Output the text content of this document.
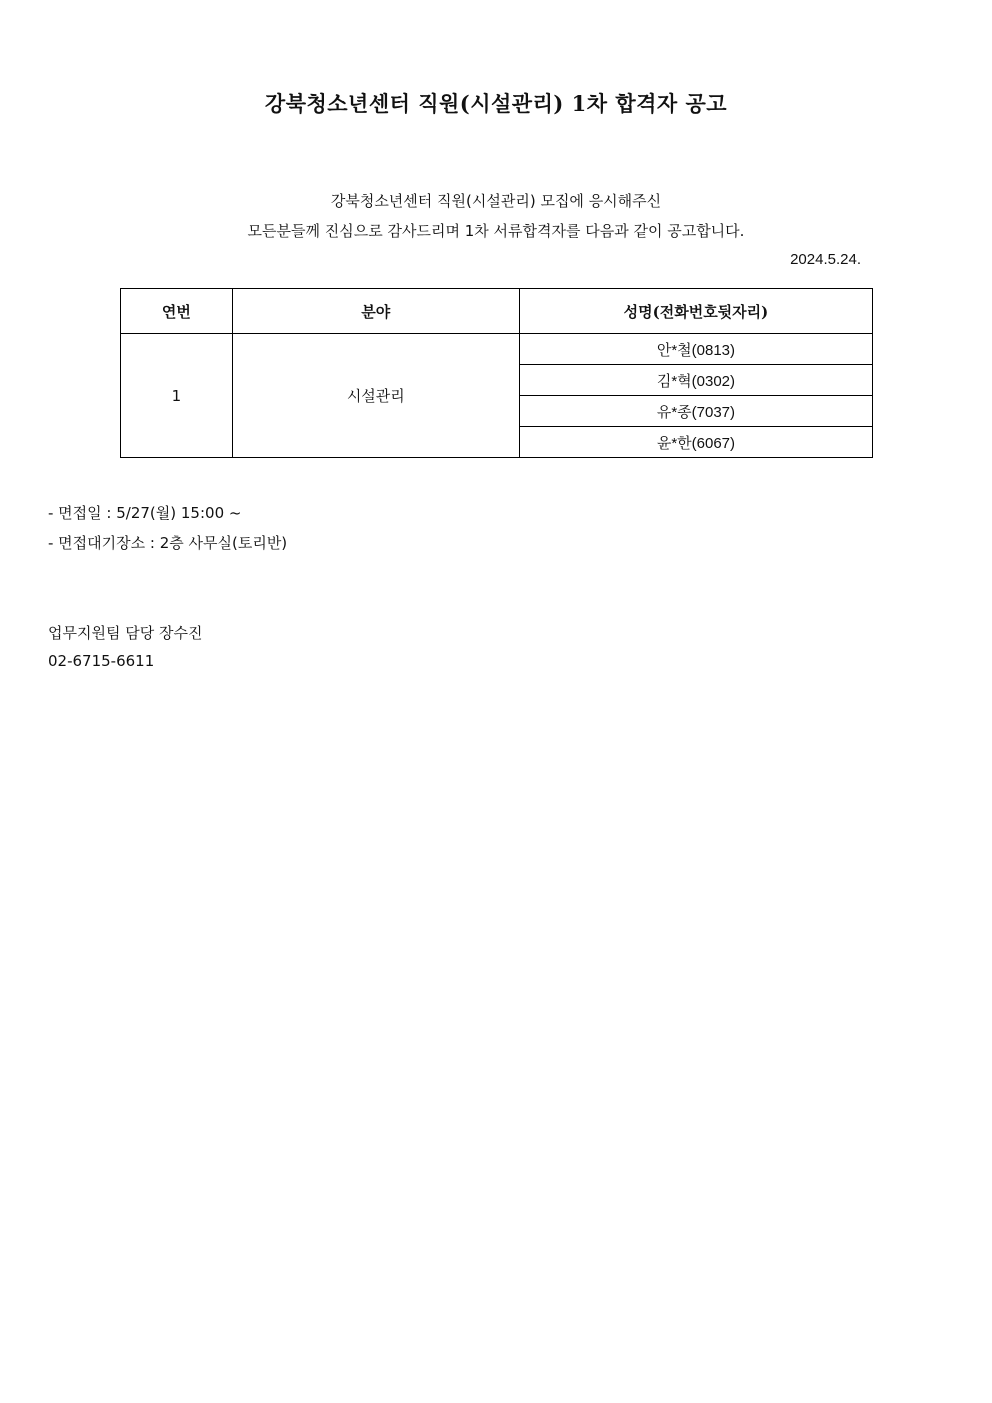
강북청소년센터 직원(시설관리) 1차 합격자 공고
강북청소년센터 직원(시설관리) 모집에 응시해주신
모든분들께 진심으로 감사드리며 1차 서류합격자를 다음과 같이 공고합니다.
2024.5.24.
연번	분야	성명(전화번호뒷자리)
1	시설관리	안*철(0813)
		김*혁(0302)
		유*종(7037)
		윤*한(6067)
- 면접일 : 5/27(월) 15:00 ~
- 면접대기장소 : 2층 사무실(토리반)
업무지원팀 담당 장수진
02-6715-6611
